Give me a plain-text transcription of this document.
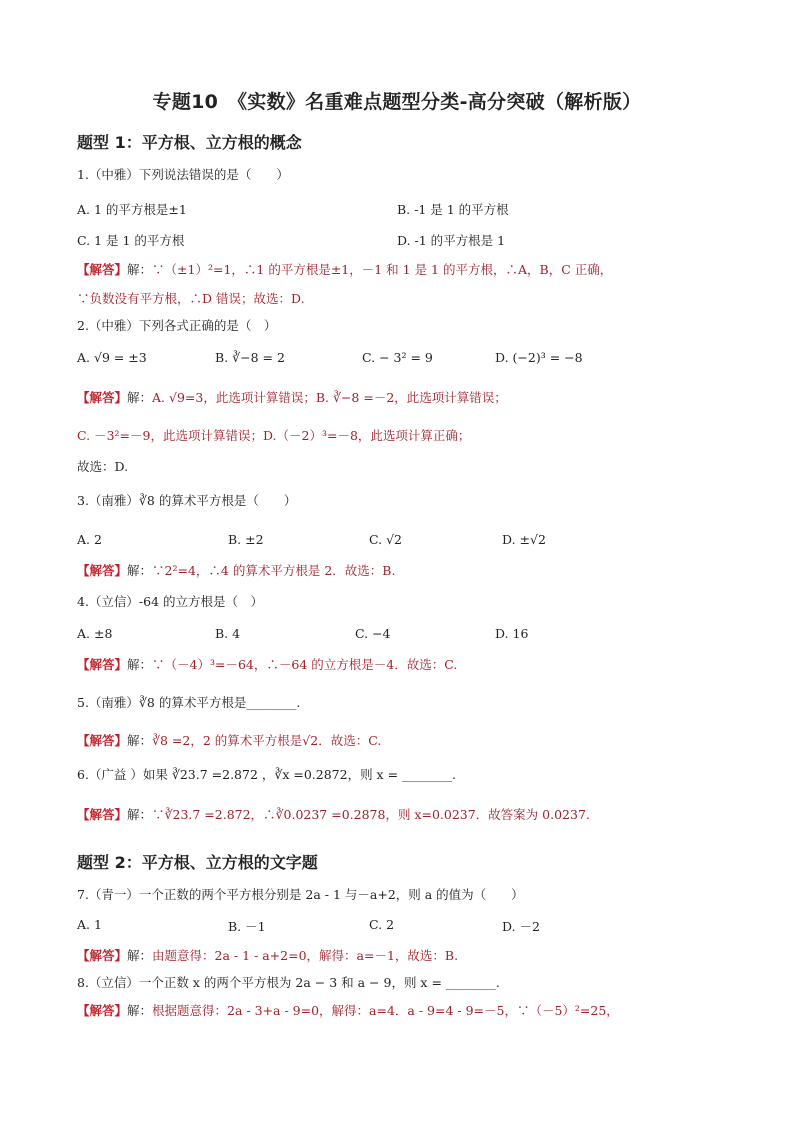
专题10　《实数》名重难点题型分类-高分突破（解析版）
题型 1：平方根、立方根的概念
1.（中雅）下列说法错误的是（　　）
A. 1 的平方根是±1	B. -1 是 1 的平方根
C. 1 是 1 的平方根	D. -1 的平方根是 1
【解答】解：∵（±1）²=1，∴1 的平方根是±1，－1 和 1 是 1 的平方根，∴A，B，C 正确，
∵负数没有平方根，∴D 错误；故选：D.
2.（中雅）下列各式正确的是（　）
A. √9 = ±3	B. ∛−8 = 2	C. − 3² = 9	D. (−2)³ = −8
【解答】解：A. √9=3，此选项计算错误；B. ∛−8 =－2，此选项计算错误；
C. －3²=－9，此选项计算错误；D.（－2）³=－8，此选项计算正确；
故选：D.
3.（南雅）∛8 的算术平方根是（　　）
A. 2	B. ±2	C. √2	D. ±√2
【解答】解：∵2²=4，∴4 的算术平方根是 2．故选：B.
4.（立信）-64 的立方根是（　）
A. ±8	B. 4	C. −4	D. 16
【解答】解：∵（－4）³=－64，∴－64 的立方根是－4．故选：C.
5.（南雅）∛8 的算术平方根是________.
【解答】解：∛8 =2，2 的算术平方根是√2．故选：C.
6.（广益 ）如果 ∛23.7 =2.872 ，∛x =0.2872，则 x = ________.
【解答】解：∵∛23.7 =2.872，∴∛0.0237 =0.2878，则 x=0.0237．故答案为 0.0237.
题型 2：平方根、立方根的文字题
7.（青一）一个正数的两个平方根分别是 2a - 1 与－a+2，则 a 的值为（　　）
A. 1	B. －1	C. 2	D. －2
【解答】解：由题意得：2a - 1 - a+2=0，解得：a=－1，故选：B.
8.（立信）一个正数 x 的两个平方根为 2a − 3 和 a − 9，则 x = ________.
【解答】解：根据题意得：2a - 3+a - 9=0，解得：a=4．a - 9=4 - 9=－5，∵（－5）²=25，
